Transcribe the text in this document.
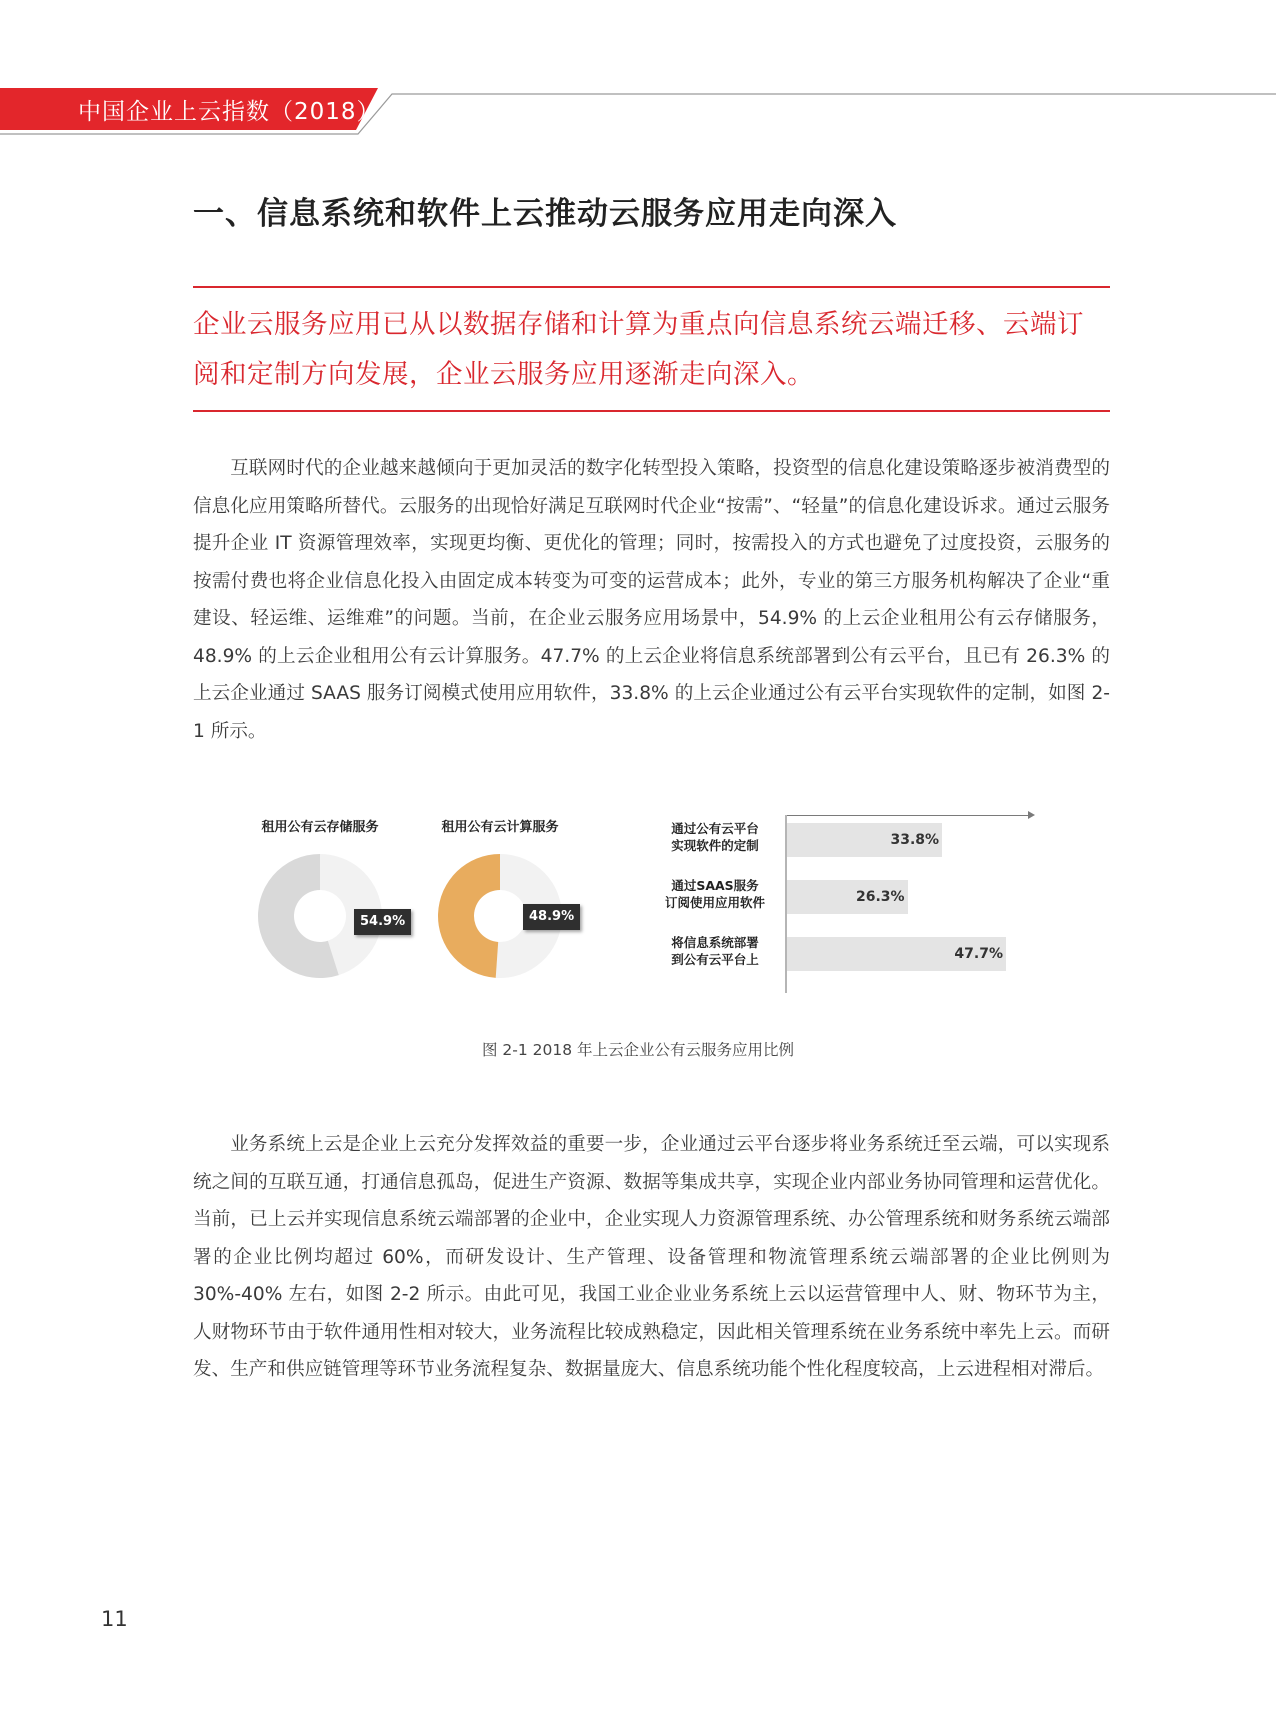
中国企业上云指数（2018）
一、信息系统和软件上云推动云服务应用走向深入

企业云服务应用已从以数据存储和计算为重点向信息系统云端迁移、云端订阅和定制方向发展，企业云服务应用逐渐走向深入。

互联网时代的企业越来越倾向于更加灵活的数字化转型投入策略，投资型的信息化建设策略逐步被消费型的信息化应用策略所替代。云服务的出现恰好满足互联网时代企业“按需”、“轻量”的信息化建设诉求。通过云服务提升企业 IT 资源管理效率，实现更均衡、更优化的管理；同时，按需投入的方式也避免了过度投资，云服务的按需付费也将企业信息化投入由固定成本转变为可变的运营成本；此外，专业的第三方服务机构解决了企业“重建设、轻运维、运维难”的问题。当前，在企业云服务应用场景中，54.9% 的上云企业租用公有云存储服务，48.9% 的上云企业租用公有云计算服务。47.7% 的上云企业将信息系统部署到公有云平台，且已有 26.3% 的上云企业通过 SAAS 服务订阅模式使用应用软件，33.8% 的上云企业通过公有云平台实现软件的定制，如图 2-1 所示。

租用公有云存储服务
54.9%
租用公有云计算服务
48.9%
通过公有云平台
实现软件的定制	33.8%
通过SAAS服务
订阅使用应用软件	26.3%
将信息系统部署
到公有云平台上	47.7%

图 2-1 2018 年上云企业公有云服务应用比例

业务系统上云是企业上云充分发挥效益的重要一步，企业通过云平台逐步将业务系统迁至云端，可以实现系统之间的互联互通，打通信息孤岛，促进生产资源、数据等集成共享，实现企业内部业务协同管理和运营优化。当前，已上云并实现信息系统云端部署的企业中，企业实现人力资源管理系统、办公管理系统和财务系统云端部署的企业比例均超过 60%，而研发设计、生产管理、设备管理和物流管理系统云端部署的企业比例则为 30%-40% 左右，如图 2-2 所示。由此可见，我国工业企业业务系统上云以运营管理中人、财、物环节为主，人财物环节由于软件通用性相对较大，业务流程比较成熟稳定，因此相关管理系统在业务系统中率先上云。而研发、生产和供应链管理等环节业务流程复杂、数据量庞大、信息系统功能个性化程度较高，上云进程相对滞后。

11
